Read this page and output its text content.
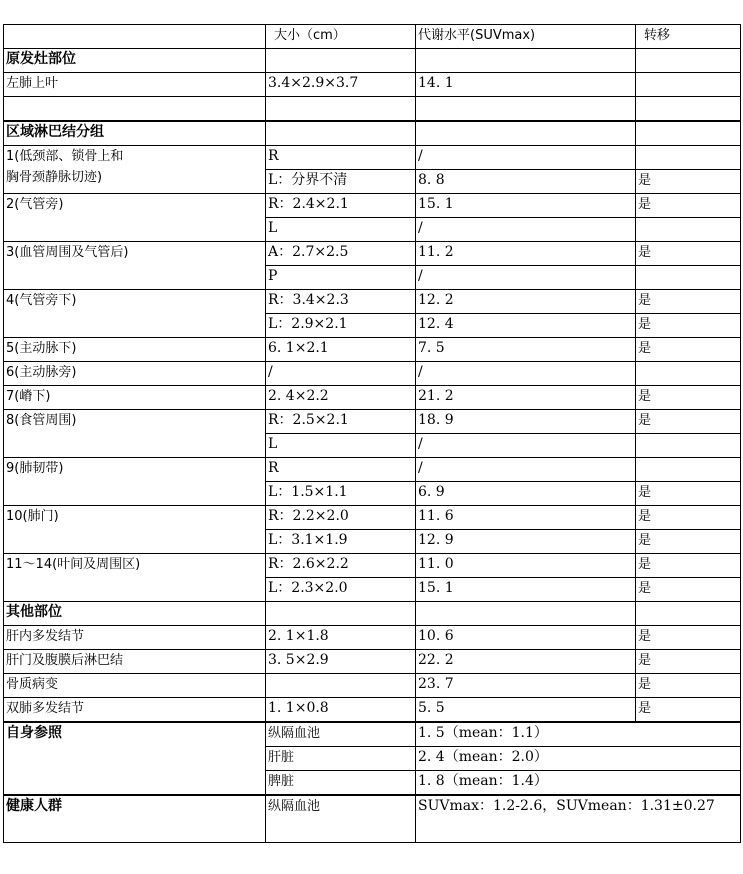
	大小（cm）	代谢水平(SUVmax)	转移
原发灶部位			
左肺上叶	3.4×2.9×3.7	14. 1	

区域淋巴结分组			

1(低颈部、锁骨上和
胸骨颈静脉切迹)	R	/	
	L：分界不清	8. 8	是

2(气管旁)	R：2.4×2.1	15. 1	是
	L	/	

3(血管周围及气管后)	A：2.7×2.5	11. 2	是
	P	/	

4(气管旁下)	R：3.4×2.3	12. 2	是
	L：2.9×2.1	12. 4	是

5(主动脉下)	6. 1×2.1	7. 5	是

6(主动脉旁)	/	/	

7(嵴下)	2. 4×2.2	21. 2	是

8(食管周围)	R：2.5×2.1	18. 9	是
	L	/	

9(肺韧带)	R	/	
	L：1.5×1.1	6. 9	是

10(肺门)	R：2.2×2.0	11. 6	是
	L：3.1×1.9	12. 9	是

11～14(叶间及周围区)	R：2.6×2.2	11. 0	是
	L：2.3×2.0	15. 1	是
其他部位			
肝内多发结节	2. 1×1.8	10. 6	是
肝门及腹膜后淋巴结	3. 5×2.9	22. 2	是
骨质病变		23. 7	是
双肺多发结节	1. 1×0.8	5. 5	是
自身参照	纵隔血池	1. 5（mean：1.1）	
	肝脏	2. 4（mean：2.0）	
	脾脏	1. 8（mean：1.4）	
健康人群	纵隔血池	SUVmax：1.2-2.6，SUVmean：1.31±0.27	
